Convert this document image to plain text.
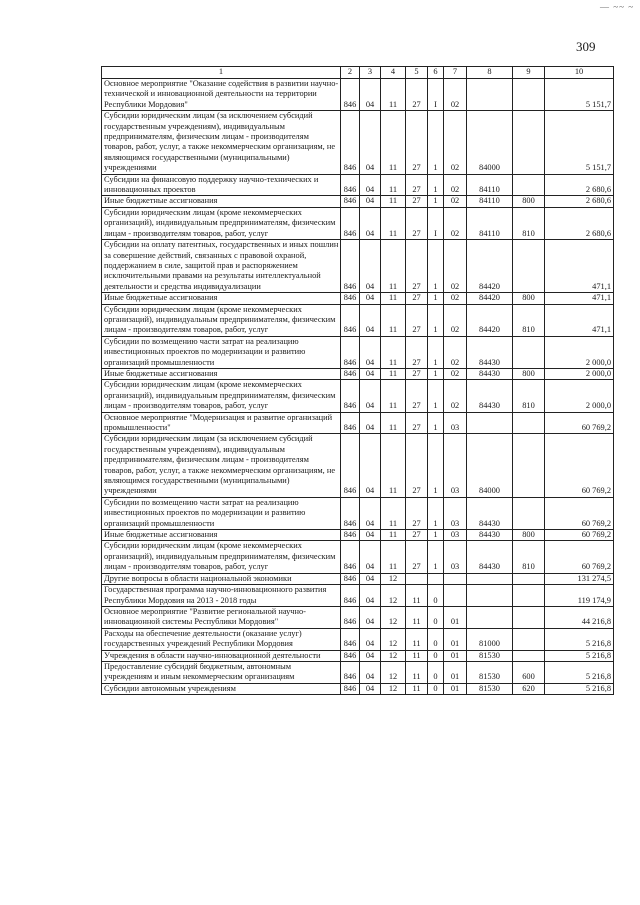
— ~~ ~
309
1	2	3	4	5	6	7	8	9	10
Основное мероприятие "Оказание содействия в развитии научно-технической и инновационной деятельности на территории Республики Мордовия"	846	04	11	27	I	02			5 151,7
Субсидии юридическим лицам (за исключением субсидий государственным учреждениям), индивидуальным предпринимателям, физическим лицам - производителям товаров, работ, услуг, а также некоммерческим организациям, не являющимся государственными (муниципальными) учреждениями	846	04	11	27	1	02	84000		5 151,7
Субсидии на финансовую поддержку научно-технических и инновационных проектов	846	04	11	27	1	02	84110		2 680,6
Иные бюджетные ассигнования	846	04	11	27	1	02	84110	800	2 680,6
Субсидии юридическим лицам (кроме некоммерческих организаций), индивидуальным предпринимателям, физическим лицам - производителям товаров, работ, услуг	846	04	11	27	I	02	84110	810	2 680,6
Субсидии на оплату патентных, государственных и иных пошлин за совершение действий, связанных с правовой охраной, поддержанием в силе, защитой прав и распоряжением исключительными правами на результаты интеллектуальной деятельности и средства индивидуализации	846	04	11	27	1	02	84420		471,1
Иные бюджетные ассигнования	846	04	11	27	1	02	84420	800	471,1
Субсидии юридическим лицам (кроме некоммерческих организаций), индивидуальным предпринимателям, физическим лицам - производителям товаров, работ, услуг	846	04	11	27	1	02	84420	810	471,1
Субсидии по возмещению части затрат на реализацию инвестиционных проектов по модернизации и развитию организаций промышленности	846	04	11	27	1	02	84430		2 000,0
Иные бюджетные ассигнования	846	04	11	27	1	02	84430	800	2 000,0
Субсидии юридическим лицам (кроме некоммерческих организаций), индивидуальным предпринимателям, физическим лицам - производителям товаров, работ, услуг	846	04	11	27	1	02	84430	810	2 000,0
Основное мероприятие "Модернизация и развитие организаций промышленности"	846	04	11	27	1	03			60 769,2
Субсидии юридическим лицам (за исключением субсидий государственным учреждениям), индивидуальным предпринимателям, физическим лицам - производителям товаров, работ, услуг, а также некоммерческим организациям, не являющимся государственными (муниципальными) учреждениями	846	04	11	27	1	03	84000		60 769,2
Субсидии по возмещению части затрат на реализацию инвестиционных проектов по модернизации и развитию организаций промышленности	846	04	11	27	1	03	84430		60 769,2
Иные бюджетные ассигнования	846	04	11	27	1	03	84430	800	60 769,2
Субсидии юридическим лицам (кроме некоммерческих организаций), индивидуальным предпринимателям, физическим лицам - производителям товаров, работ, услуг	846	04	11	27	1	03	84430	810	60 769,2
Другие вопросы в области национальной экономики	846	04	12						131 274,5
Государственная программа научно-инновационного развития Республики Мордовия на 2013 - 2018 годы	846	04	12	11	0				119 174,9
Основное мероприятие "Развитие региональной научно-инновационной системы Республики Мордовия"	846	04	12	11	0	01			44 216,8
Расходы на обеспечение деятельности (оказание услуг) государственных учреждений Республики Мордовия	846	04	12	11	0	01	81000		5 216,8
Учреждения в области научно-инновационной деятельности	846	04	12	11	0	01	81530		5 216,8
Предоставление субсидий бюджетным, автономным учреждениям и иным некоммерческим организациям	846	04	12	11	0	01	81530	600	5 216,8
Субсидии автономным учреждениям	846	04	12	11	0	01	81530	620	5 216,8
